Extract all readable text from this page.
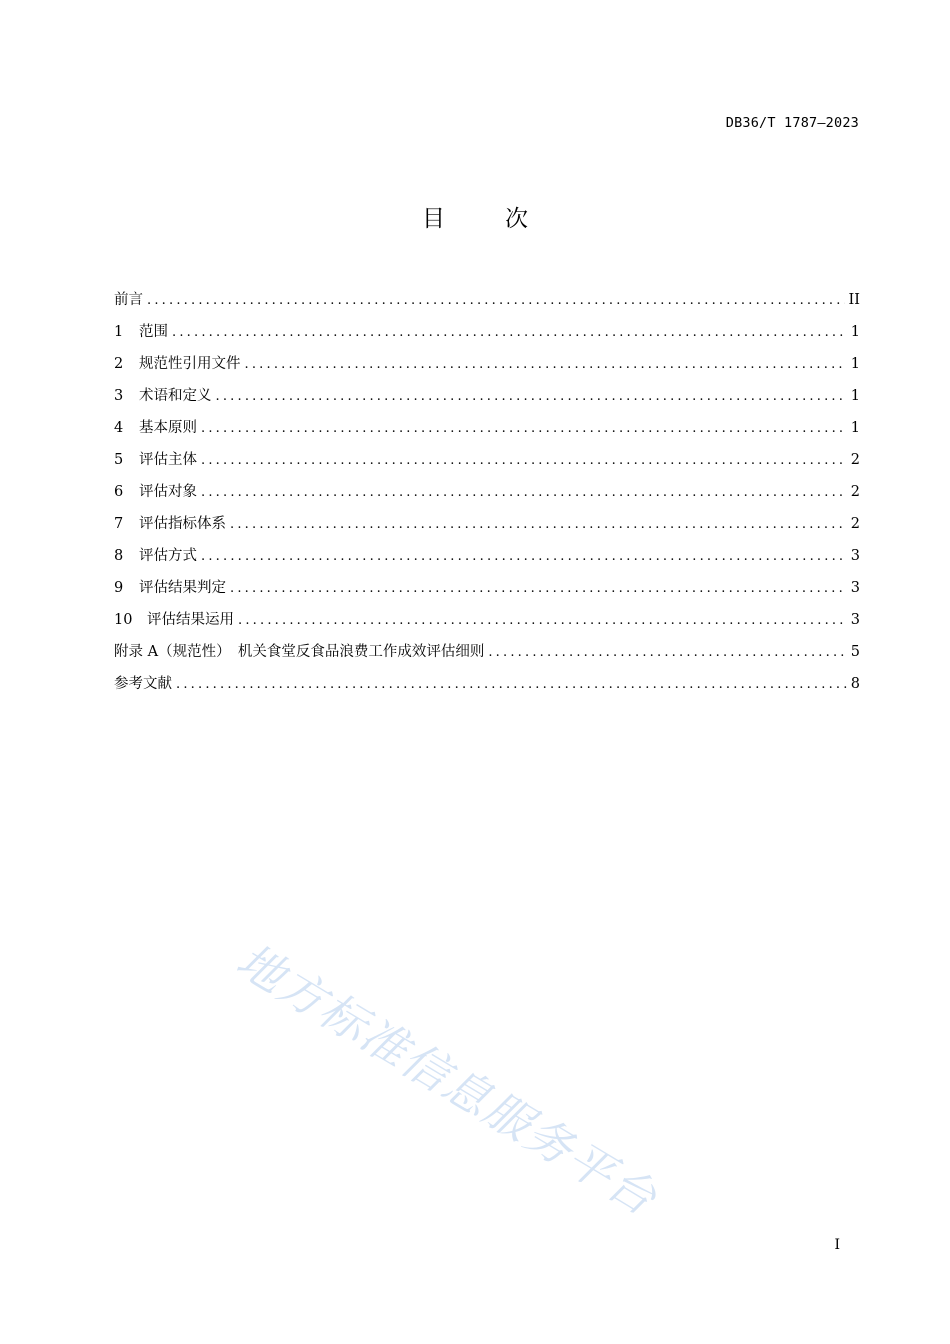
DB36/T 1787—2023
目次
前言 .....	II
1	范围 .....	1
2	规范性引用文件 .....	1
3	术语和定义 .....	1
4	基本原则 .....	1
5	评估主体 .....	2
6	评估对象 .....	2
7	评估指标体系 .....	2
8	评估方式 .....	3
9	评估结果判定 .....	3
10	评估结果运用 .....	3
附录 A（规范性）　机关食堂反食品浪费工作成效评估细则 .....	5
参考文献 .....	8
地方标准信息服务平台
I
